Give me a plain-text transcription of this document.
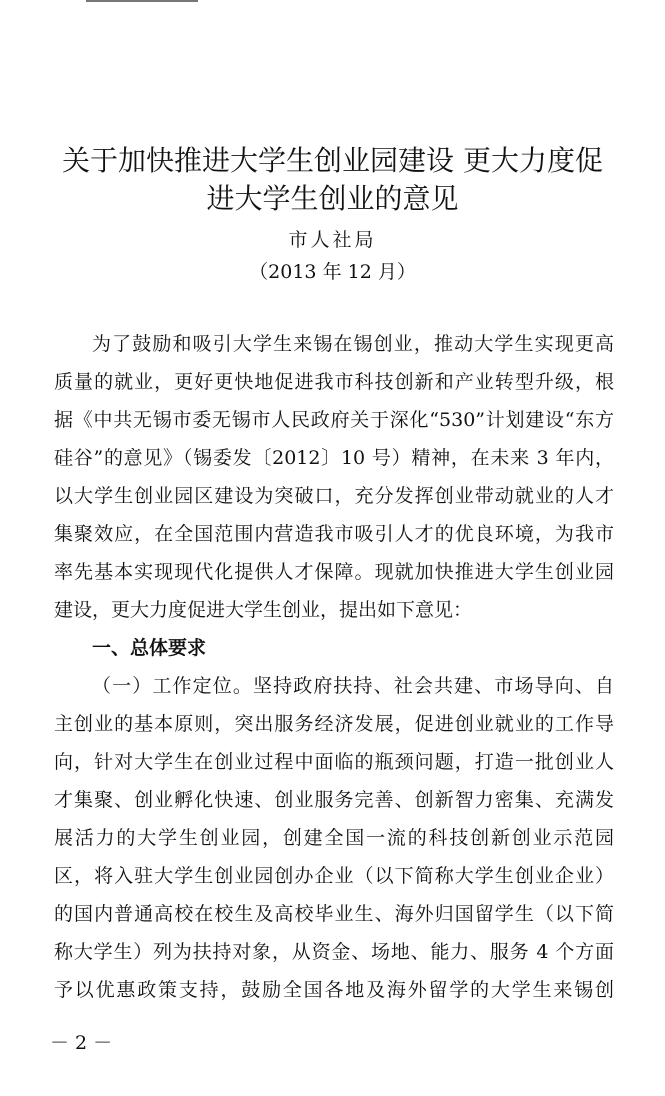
关于加快推进大学生创业园建设 更大力度促
进大学生创业的意见
市人社局
（2013 年 12 月）
为了鼓励和吸引大学生来锡在锡创业，推动大学生实现更高
质量的就业，更好更快地促进我市科技创新和产业转型升级，根
据《中共无锡市委无锡市人民政府关于深化“530”计划建设“东方
硅谷”的意见》（锡委发〔2012〕10 号）精神，在未来 3 年内，
以大学生创业园区建设为突破口，充分发挥创业带动就业的人才
集聚效应，在全国范围内营造我市吸引人才的优良环境，为我市
率先基本实现现代化提供人才保障。现就加快推进大学生创业园
建设，更大力度促进大学生创业，提出如下意见：
一、总体要求
（一）工作定位。坚持政府扶持、社会共建、市场导向、自
主创业的基本原则，突出服务经济发展，促进创业就业的工作导
向，针对大学生在创业过程中面临的瓶颈问题，打造一批创业人
才集聚、创业孵化快速、创业服务完善、创新智力密集、充满发
展活力的大学生创业园，创建全国一流的科技创新创业示范园
区，将入驻大学生创业园创办企业（以下简称大学生创业企业）
的国内普通高校在校生及高校毕业生、海外归国留学生（以下简
称大学生）列为扶持对象，从资金、场地、能力、服务 4 个方面
予以优惠政策支持，鼓励全国各地及海外留学的大学生来锡创
－ 2 －
